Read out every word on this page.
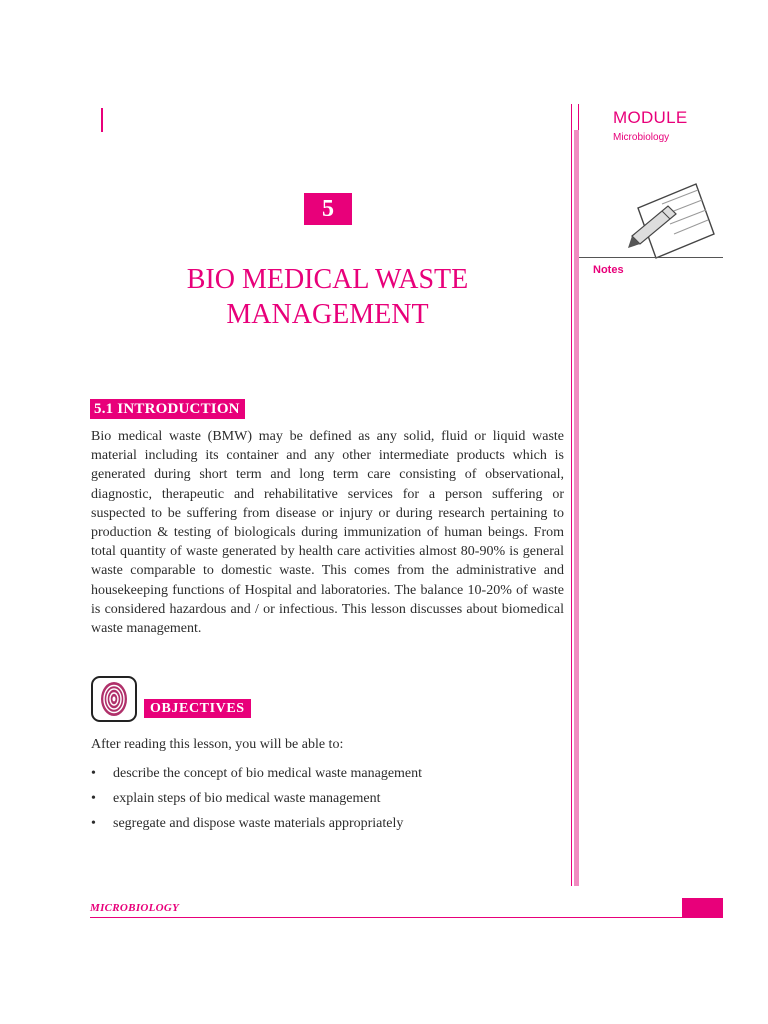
MODULE
Microbiology
Notes
5
BIO MEDICAL WASTE
MANAGEMENT
5.1 INTRODUCTION
Bio medical waste (BMW) may be defined as any solid, fluid or liquid waste material including its container and any other intermediate products which is generated during short term and long term care consisting of observational, diagnostic, therapeutic and rehabilitative services for a person suffering or suspected to be suffering from disease or injury or during research pertaining to production & testing of biologicals during immunization of human beings. From total quantity of waste generated by health care activities almost 80-90% is general waste comparable to domestic waste. This comes from the administrative and housekeeping functions of Hospital and laboratories. The balance 10-20% of waste is considered hazardous and / or infectious. This lesson discusses about biomedical waste management.
OBJECTIVES
After reading this lesson, you will be able to:
• describe the concept of bio medical waste management
• explain steps of bio medical waste management
• segregate and dispose waste materials appropriately
MICROBIOLOGY
